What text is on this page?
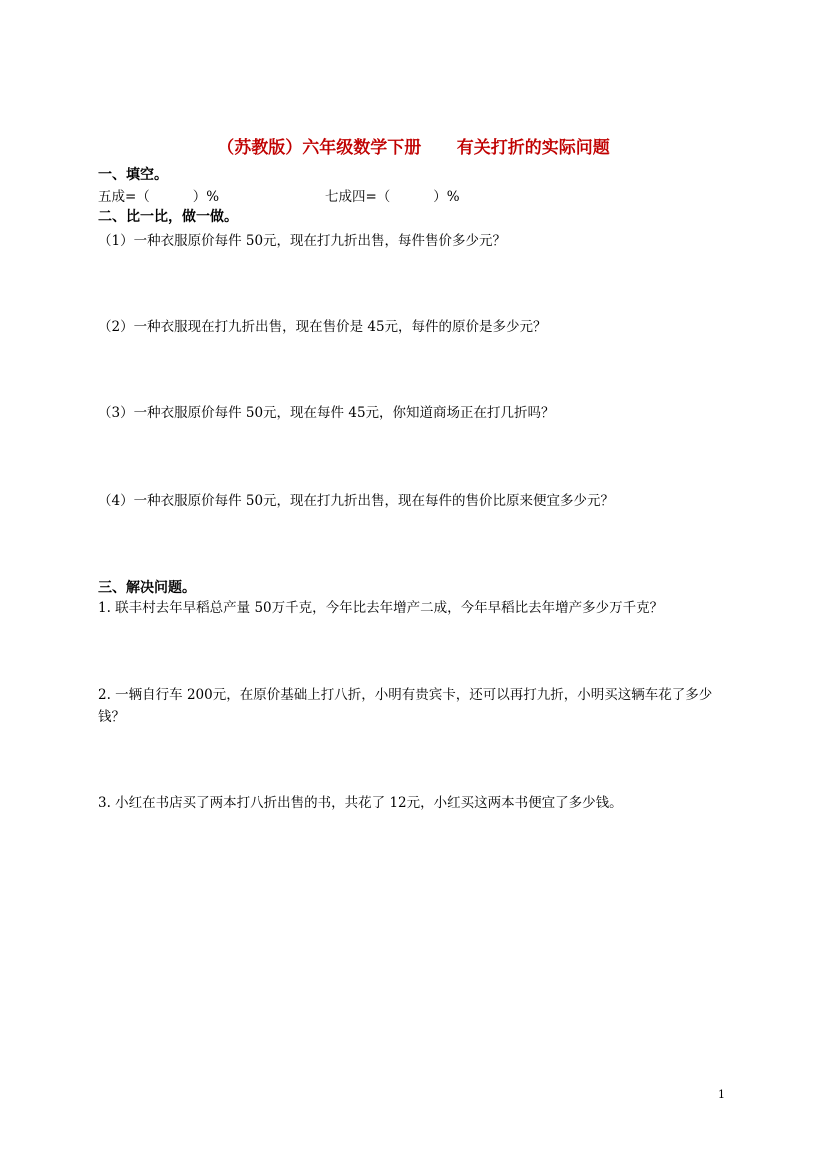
（苏教版）六年级数学下册      有关打折的实际问题
一、填空。
五成=（          ）%	七成四=（          ）%
二、比一比，做一做。
（1）一种衣服原价每件 50元，现在打九折出售，每件售价多少元？
（2）一种衣服现在打九折出售，现在售价是 45元，每件的原价是多少元？
（3）一种衣服原价每件 50元，现在每件 45元，你知道商场正在打几折吗？
（4）一种衣服原价每件 50元，现在打九折出售，现在每件的售价比原来便宜多少元？
三、解决问题。
1. 联丰村去年早稻总产量 50万千克，今年比去年增产二成，今年早稻比去年增产多少万千克？
2. 一辆自行车 200元，在原价基础上打八折，小明有贵宾卡，还可以再打九折，小明买这辆车花了多少钱？
3. 小红在书店买了两本打八折出售的书，共花了 12元，小红买这两本书便宜了多少钱。
1
